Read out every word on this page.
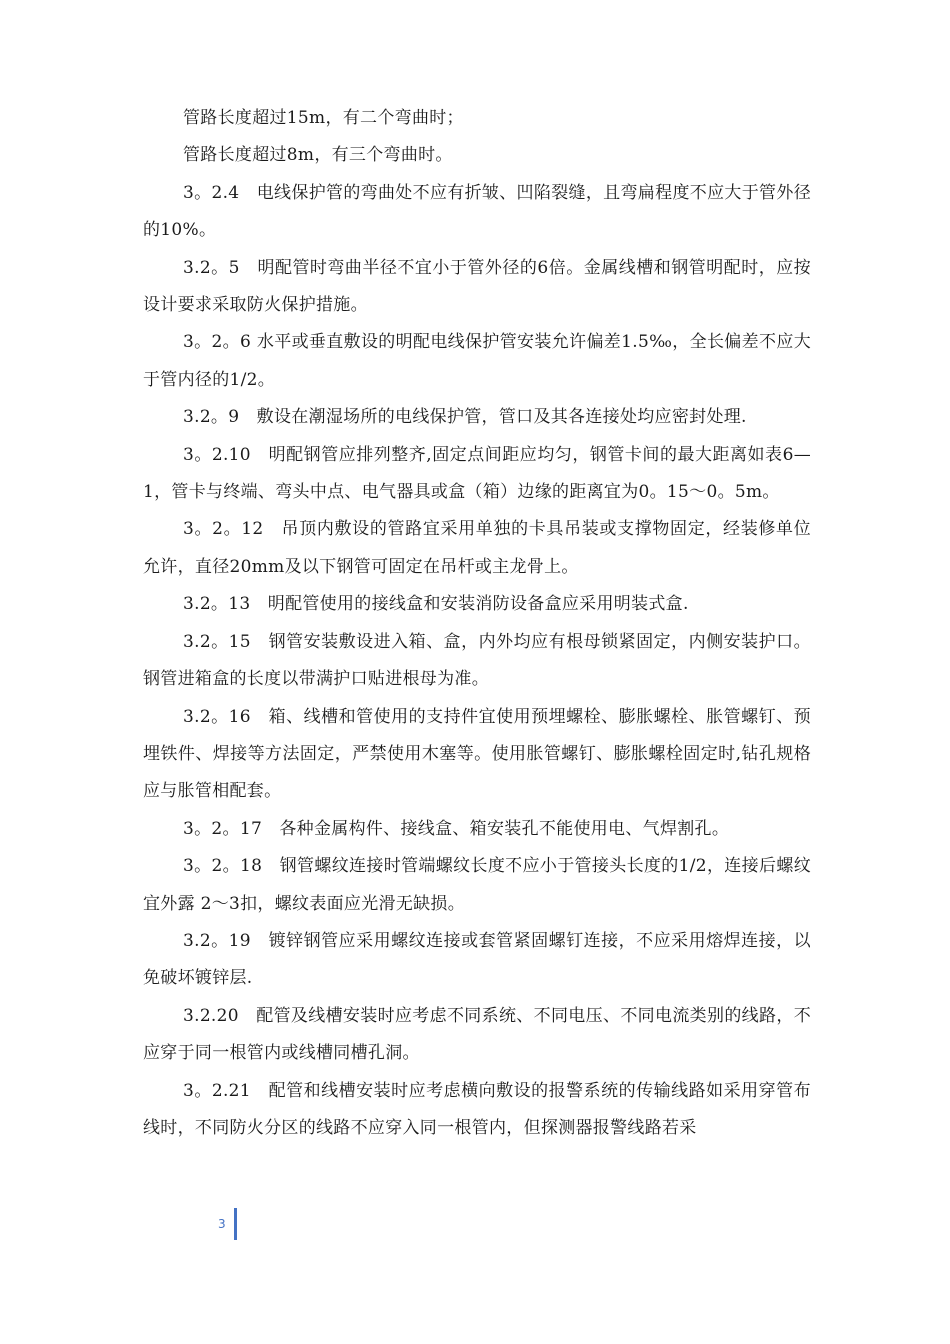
管路长度超过15m，有二个弯曲时；

管路长度超过8m，有三个弯曲时。

3。2.4　电线保护管的弯曲处不应有折皱、凹陷裂缝，且弯扁程度不应大于管外径的10%。

3.2。5　明配管时弯曲半径不宜小于管外径的6倍。金属线槽和钢管明配时，应按设计要求采取防火保护措施。

3。2。6 水平或垂直敷设的明配电线保护管安装允许偏差1.5‰，全长偏差不应大于管内径的1/2。

3.2。9　敷设在潮湿场所的电线保护管，管口及其各连接处均应密封处理.

3。2.10　明配钢管应排列整齐,固定点间距应均匀，钢管卡间的最大距离如表6—1，管卡与终端、弯头中点、电气器具或盒（箱）边缘的距离宜为0。15～0。5m。

3。2。12　吊顶内敷设的管路宜采用单独的卡具吊装或支撑物固定，经装修单位允许，直径20mm及以下钢管可固定在吊杆或主龙骨上。

3.2。13　明配管使用的接线盒和安装消防设备盒应采用明装式盒.

3.2。15　钢管安装敷设进入箱、盒，内外均应有根母锁紧固定，内侧安装护口。钢管进箱盒的长度以带满护口贴进根母为准。

3.2。16　箱、线槽和管使用的支持件宜使用预埋螺栓、膨胀螺栓、胀管螺钉、预埋铁件、焊接等方法固定，严禁使用木塞等。使用胀管螺钉、膨胀螺栓固定时,钻孔规格应与胀管相配套。

3。2。17　各种金属构件、接线盒、箱安装孔不能使用电、气焊割孔。

3。2。18　钢管螺纹连接时管端螺纹长度不应小于管接头长度的1/2，连接后螺纹宜外露 2～3扣，螺纹表面应光滑无缺损。

3.2。19　镀锌钢管应采用螺纹连接或套管紧固螺钉连接，不应采用熔焊连接，以免破坏镀锌层.

3.2.20　配管及线槽安装时应考虑不同系统、不同电压、不同电流类别的线路，不应穿于同一根管内或线槽同槽孔洞。

3。2.21　配管和线槽安装时应考虑横向敷设的报警系统的传输线路如采用穿管布线时，不同防火分区的线路不应穿入同一根管内，但探测器报警线路若采

3
